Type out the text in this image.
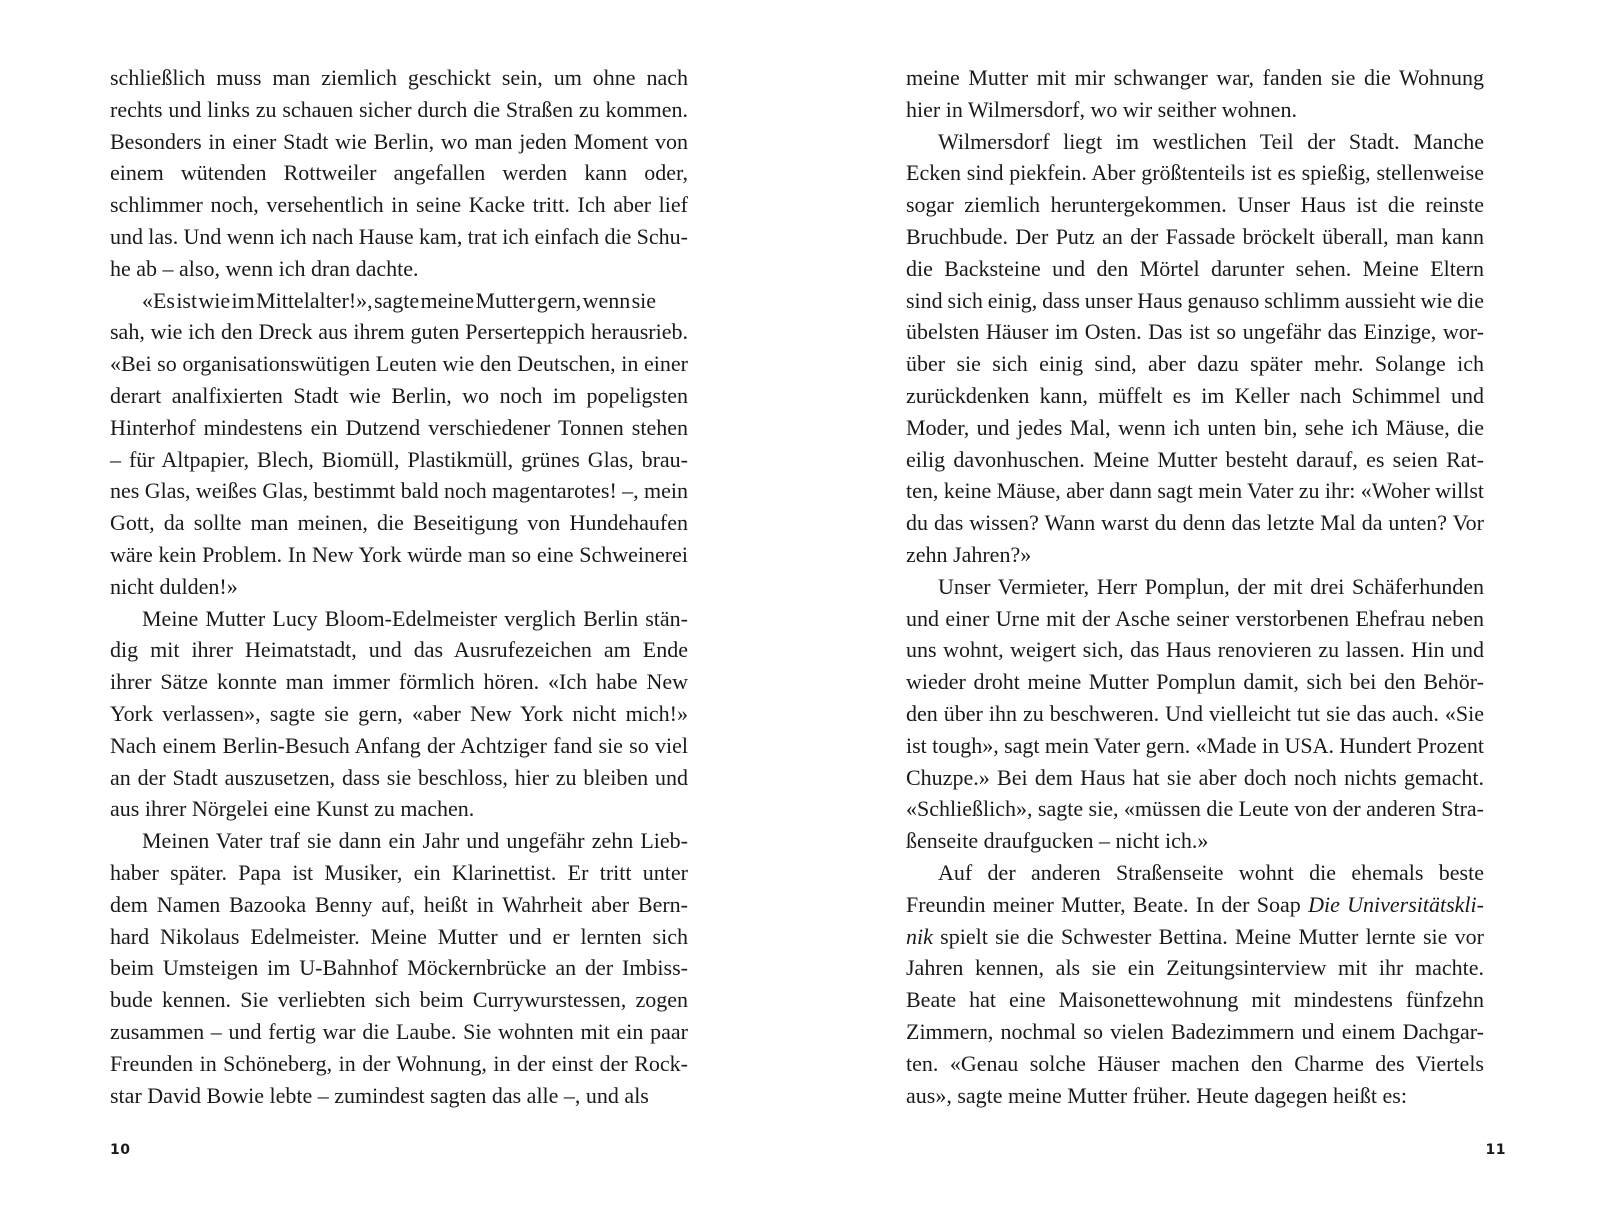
schließlich muss man ziemlich geschickt sein, um ohne nach
rechts und links zu schauen sicher durch die Straßen zu kommen.
Besonders in einer Stadt wie Berlin, wo man jeden Moment von
einem wütenden Rottweiler angefallen werden kann oder,
schlimmer noch, versehentlich in seine Kacke tritt. Ich aber lief
und las. Und wenn ich nach Hause kam, trat ich einfach die Schu-
he ab – also, wenn ich dran dachte.
«Es ist wie im Mittelalter!», sagte meine Mutter gern, wenn sie
sah, wie ich den Dreck aus ihrem guten Perserteppich herausrieb.
«Bei so organisationswütigen Leuten wie den Deutschen, in einer
derart analfixierten Stadt wie Berlin, wo noch im popeligsten
Hinterhof mindestens ein Dutzend verschiedener Tonnen stehen
– für Altpapier, Blech, Biomüll, Plastikmüll, grünes Glas, brau-
nes Glas, weißes Glas, bestimmt bald noch magentarotes! –, mein
Gott, da sollte man meinen, die Beseitigung von Hundehaufen
wäre kein Problem. In New York würde man so eine Schweinerei
nicht dulden!»
Meine Mutter Lucy Bloom-Edelmeister verglich Berlin stän-
dig mit ihrer Heimatstadt, und das Ausrufezeichen am Ende
ihrer Sätze konnte man immer förmlich hören. «Ich habe New
York verlassen», sagte sie gern, «aber New York nicht mich!»
Nach einem Berlin-Besuch Anfang der Achtziger fand sie so viel
an der Stadt auszusetzen, dass sie beschloss, hier zu bleiben und
aus ihrer Nörgelei eine Kunst zu machen.
Meinen Vater traf sie dann ein Jahr und ungefähr zehn Lieb-
haber später. Papa ist Musiker, ein Klarinettist. Er tritt unter
dem Namen Bazooka Benny auf, heißt in Wahrheit aber Bern-
hard Nikolaus Edelmeister. Meine Mutter und er lernten sich
beim Umsteigen im U-Bahnhof Möckernbrücke an der Imbiss-
bude kennen. Sie verliebten sich beim Currywurstessen, zogen
zusammen – und fertig war die Laube. Sie wohnten mit ein paar
Freunden in Schöneberg, in der Wohnung, in der einst der Rock-
star David Bowie lebte – zumindest sagten das alle –, und als
10
meine Mutter mit mir schwanger war, fanden sie die Wohnung
hier in Wilmersdorf, wo wir seither wohnen.
Wilmersdorf liegt im westlichen Teil der Stadt. Manche
Ecken sind piekfein. Aber größtenteils ist es spießig, stellenweise
sogar ziemlich heruntergekommen. Unser Haus ist die reinste
Bruchbude. Der Putz an der Fassade bröckelt überall, man kann
die Backsteine und den Mörtel darunter sehen. Meine Eltern
sind sich einig, dass unser Haus genauso schlimm aussieht wie die
übelsten Häuser im Osten. Das ist so ungefähr das Einzige, wor-
über sie sich einig sind, aber dazu später mehr. Solange ich
zurückdenken kann, müffelt es im Keller nach Schimmel und
Moder, und jedes Mal, wenn ich unten bin, sehe ich Mäuse, die
eilig davonhuschen. Meine Mutter besteht darauf, es seien Rat-
ten, keine Mäuse, aber dann sagt mein Vater zu ihr: «Woher willst
du das wissen? Wann warst du denn das letzte Mal da unten? Vor
zehn Jahren?»
Unser Vermieter, Herr Pomplun, der mit drei Schäferhunden
und einer Urne mit der Asche seiner verstorbenen Ehefrau neben
uns wohnt, weigert sich, das Haus renovieren zu lassen. Hin und
wieder droht meine Mutter Pomplun damit, sich bei den Behör-
den über ihn zu beschweren. Und vielleicht tut sie das auch. «Sie
ist tough», sagt mein Vater gern. «Made in USA. Hundert Prozent
Chuzpe.» Bei dem Haus hat sie aber doch noch nichts gemacht.
«Schließlich», sagte sie, «müssen die Leute von der anderen Stra-
ßenseite draufgucken – nicht ich.»
Auf der anderen Straßenseite wohnt die ehemals beste
Freundin meiner Mutter, Beate. In der Soap Die Universitätskli-
nik spielt sie die Schwester Bettina. Meine Mutter lernte sie vor
Jahren kennen, als sie ein Zeitungsinterview mit ihr machte.
Beate hat eine Maisonettewohnung mit mindestens fünfzehn
Zimmern, nochmal so vielen Badezimmern und einem Dachgar-
ten. «Genau solche Häuser machen den Charme des Viertels
aus», sagte meine Mutter früher. Heute dagegen heißt es:
11
